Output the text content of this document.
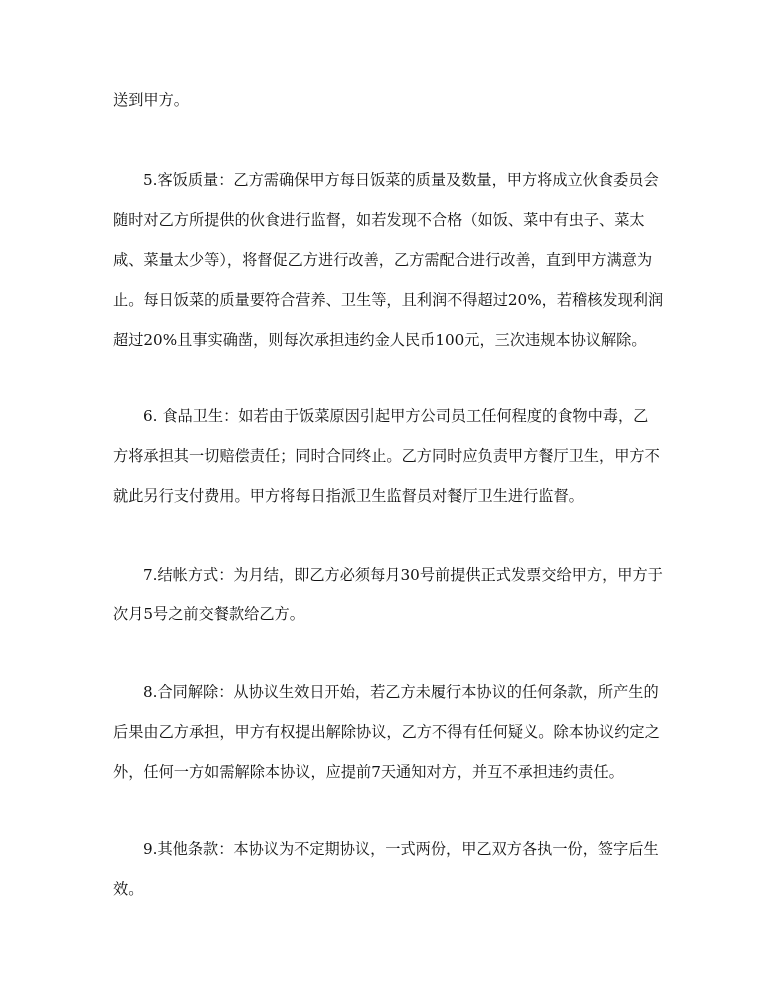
送到甲方。
5.客饭质量：乙方需确保甲方每日饭菜的质量及数量，甲方将成立伙食委员会
随时对乙方所提供的伙食进行监督，如若发现不合格（如饭、菜中有虫子、菜太
咸、菜量太少等），将督促乙方进行改善，乙方需配合进行改善，直到甲方满意为
止。每日饭菜的质量要符合营养、卫生等，且利润不得超过20%，若稽核发现利润
超过20%且事实确凿，则每次承担违约金人民币100元，三次违规本协议解除。
6. 食品卫生：如若由于饭菜原因引起甲方公司员工任何程度的食物中毒，乙
方将承担其一切赔偿责任；同时合同终止。乙方同时应负责甲方餐厅卫生，甲方不
就此另行支付费用。甲方将每日指派卫生监督员对餐厅卫生进行监督。
7.结帐方式：为月结，即乙方必须每月30号前提供正式发票交给甲方，甲方于
次月5号之前交餐款给乙方。
8.合同解除：从协议生效日开始，若乙方未履行本协议的任何条款，所产生的
后果由乙方承担，甲方有权提出解除协议，乙方不得有任何疑义。除本协议约定之
外，任何一方如需解除本协议，应提前7天通知对方，并互不承担违约责任。
9.其他条款：本协议为不定期协议，一式两份，甲乙双方各执一份，签字后生
效。
